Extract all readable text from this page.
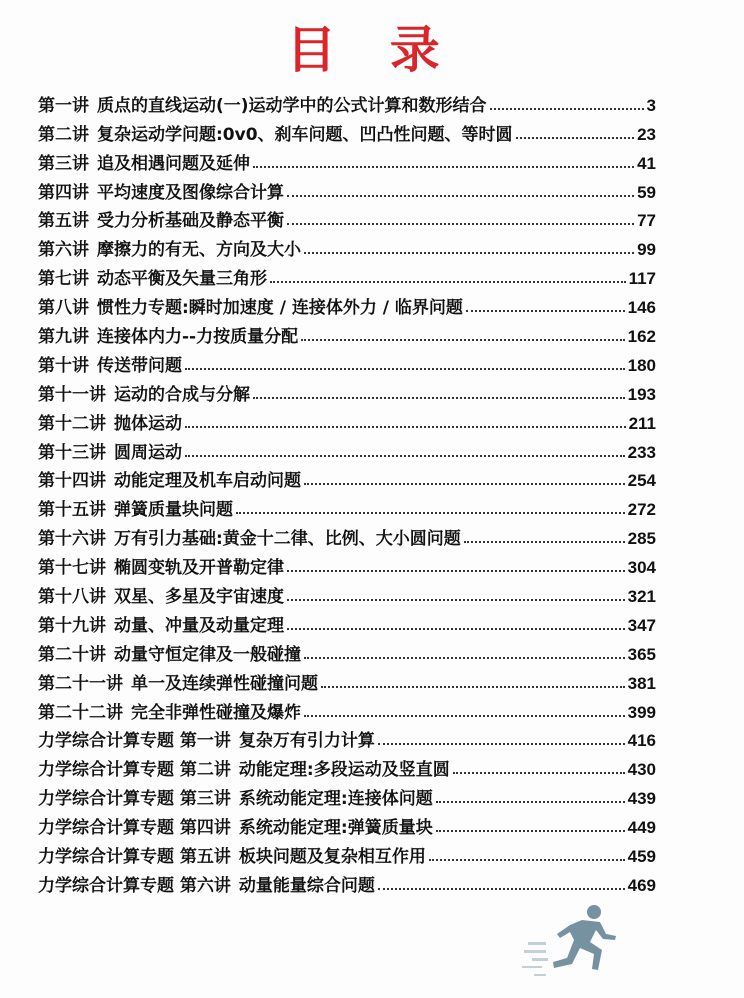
目 录
第一讲 质点的直线运动(一)运动学中的公式计算和数形结合	3
第二讲 复杂运动学问题:0v0、刹车问题、凹凸性问题、等时圆	23
第三讲 追及相遇问题及延伸	41
第四讲 平均速度及图像综合计算	59
第五讲 受力分析基础及静态平衡	77
第六讲 摩擦力的有无、方向及大小	99
第七讲 动态平衡及矢量三角形	117
第八讲 惯性力专题:瞬时加速度 / 连接体外力 / 临界问题	146
第九讲 连接体内力--力按质量分配	162
第十讲 传送带问题	180
第十一讲 运动的合成与分解	193
第十二讲 抛体运动	211
第十三讲 圆周运动	233
第十四讲 动能定理及机车启动问题	254
第十五讲 弹簧质量块问题	272
第十六讲 万有引力基础:黄金十二律、比例、大小圆问题	285
第十七讲 椭圆变轨及开普勒定律	304
第十八讲 双星、多星及宇宙速度	321
第十九讲 动量、冲量及动量定理	347
第二十讲 动量守恒定律及一般碰撞	365
第二十一讲 单一及连续弹性碰撞问题	381
第二十二讲 完全非弹性碰撞及爆炸	399
力学综合计算专题 第一讲 复杂万有引力计算	416
力学综合计算专题 第二讲 动能定理:多段运动及竖直圆	430
力学综合计算专题 第三讲 系统动能定理:连接体问题	439
力学综合计算专题 第四讲 系统动能定理:弹簧质量块	449
力学综合计算专题 第五讲 板块问题及复杂相互作用	459
力学综合计算专题 第六讲 动量能量综合问题	469
